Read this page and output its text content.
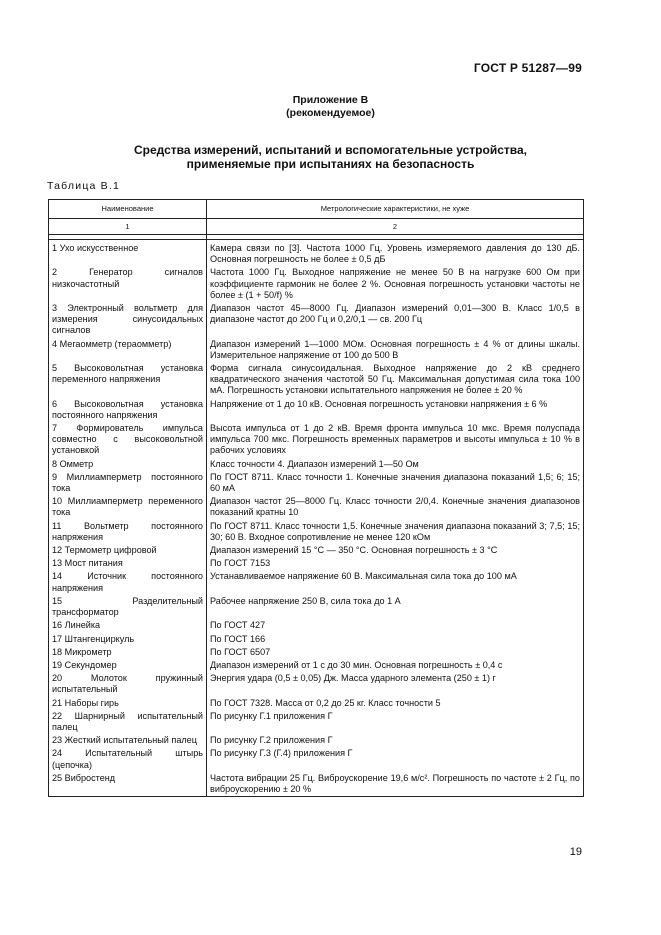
ГОСТ Р 51287—99
Приложение В
(рекомендуемое)
Средства измерений, испытаний и вспомогательные устройства,
применяемые при испытаниях на безопасность
Таблица В.1
Наименование	Метрологические характеристики, не хуже
1	2

1 Ухо искусственное	Камера связи по [3]. Частота 1000 Гц. Уровень измеряемого давления до 130 дБ. Основная погрешность не более ± 0,5 дБ
2 Генератор сигналов низкочастотный	Частота 1000 Гц. Выходное напряжение не менее 50 В на нагрузке 600 Ом при коэффициенте гармоник не более 2 %. Основная погрешность установки частоты не более ± (1 + 50/f) %
3 Электронный вольтметр для измерения синусоидальных сигналов	Диапазон частот 45—8000 Гц. Диапазон измерений 0,01—300 В. Класс 1/0,5 в диапазоне частот до 200 Гц и 0,2/0,1 — св. 200 Гц
4 Мегаомметр (тераомметр)	Диапазон измерений 1—1000 МОм. Основная погрешность ± 4 % от длины шкалы. Измерительное напряжение от 100 до 500 В
5 Высоковольтная установка переменного напряжения	Форма сигнала синусоидальная. Выходное напряжение до 2 кВ среднего квадратического значения частотой 50 Гц. Максимальная допустимая сила тока 100 мА. Погрешность установки испытательного напряжения не более ± 20 %
6 Высоковольтная установка постоянного напряжения	Напряжение от 1 до 10 кВ. Основная погрешность установки напряжения ± 6 %
7 Формирователь импульса совместно с высоковольтной установкой	Высота импульса от 1 до 2 кВ. Время фронта импульса 10 мкс. Время полуспада импульса 700 мкс. Погрешность временных параметров и высоты импульса ± 10 % в рабочих условиях
8 Омметр	Класс точности 4. Диапазон измерений 1—50 Ом
9 Миллиамперметр постоянного тока	По ГОСТ 8711. Класс точности 1. Конечные значения диапазона показаний 1,5; 6; 15; 60 мА
10 Миллиамперметр переменного тока	Диапазон частот 25—8000 Гц. Класс точности 2/0,4. Конечные значения диапазонов показаний кратны 10
11 Вольтметр постоянного напряжения	По ГОСТ 8711. Класс точности 1,5. Конечные значения диапазона показаний 3; 7,5; 15; 30; 60 В. Входное сопротивление не менее 120 кОм
12 Термометр цифровой	Диапазон измерений 15 °С — 350 °С. Основная погрешность ± 3 °С
13 Мост питания	По ГОСТ 7153
14 Источник постоянного напряжения	Устанавливаемое напряжение 60 В. Максимальная сила тока до 100 мА
15 Разделительный трансформатор	Рабочее напряжение 250 В, сила тока до 1 А
16 Линейка	По ГОСТ 427
17 Штангенциркуль	По ГОСТ 166
18 Микрометр	По ГОСТ 6507
19 Секундомер	Диапазон измерений от 1 с до 30 мин. Основная погрешность ± 0,4 с
20 Молоток пружинный испытательный	Энергия удара (0,5 ± 0,05) Дж. Масса ударного элемента (250 ± 1) г
21 Наборы гирь	По ГОСТ 7328. Масса от 0,2 до 25 кг. Класс точности 5
22 Шарнирный испытательный палец	По рисунку Г.1 приложения Г
23 Жесткий испытательный палец	По рисунку Г.2 приложения Г
24 Испытательный штырь (цепочка)	По рисунку Г.3 (Г.4) приложения Г
25 Вибростенд	Частота вибрации 25 Гц. Виброускорение 19,6 м/с². Погрешность по частоте ± 2 Гц, по виброускорению ± 20 %
19
